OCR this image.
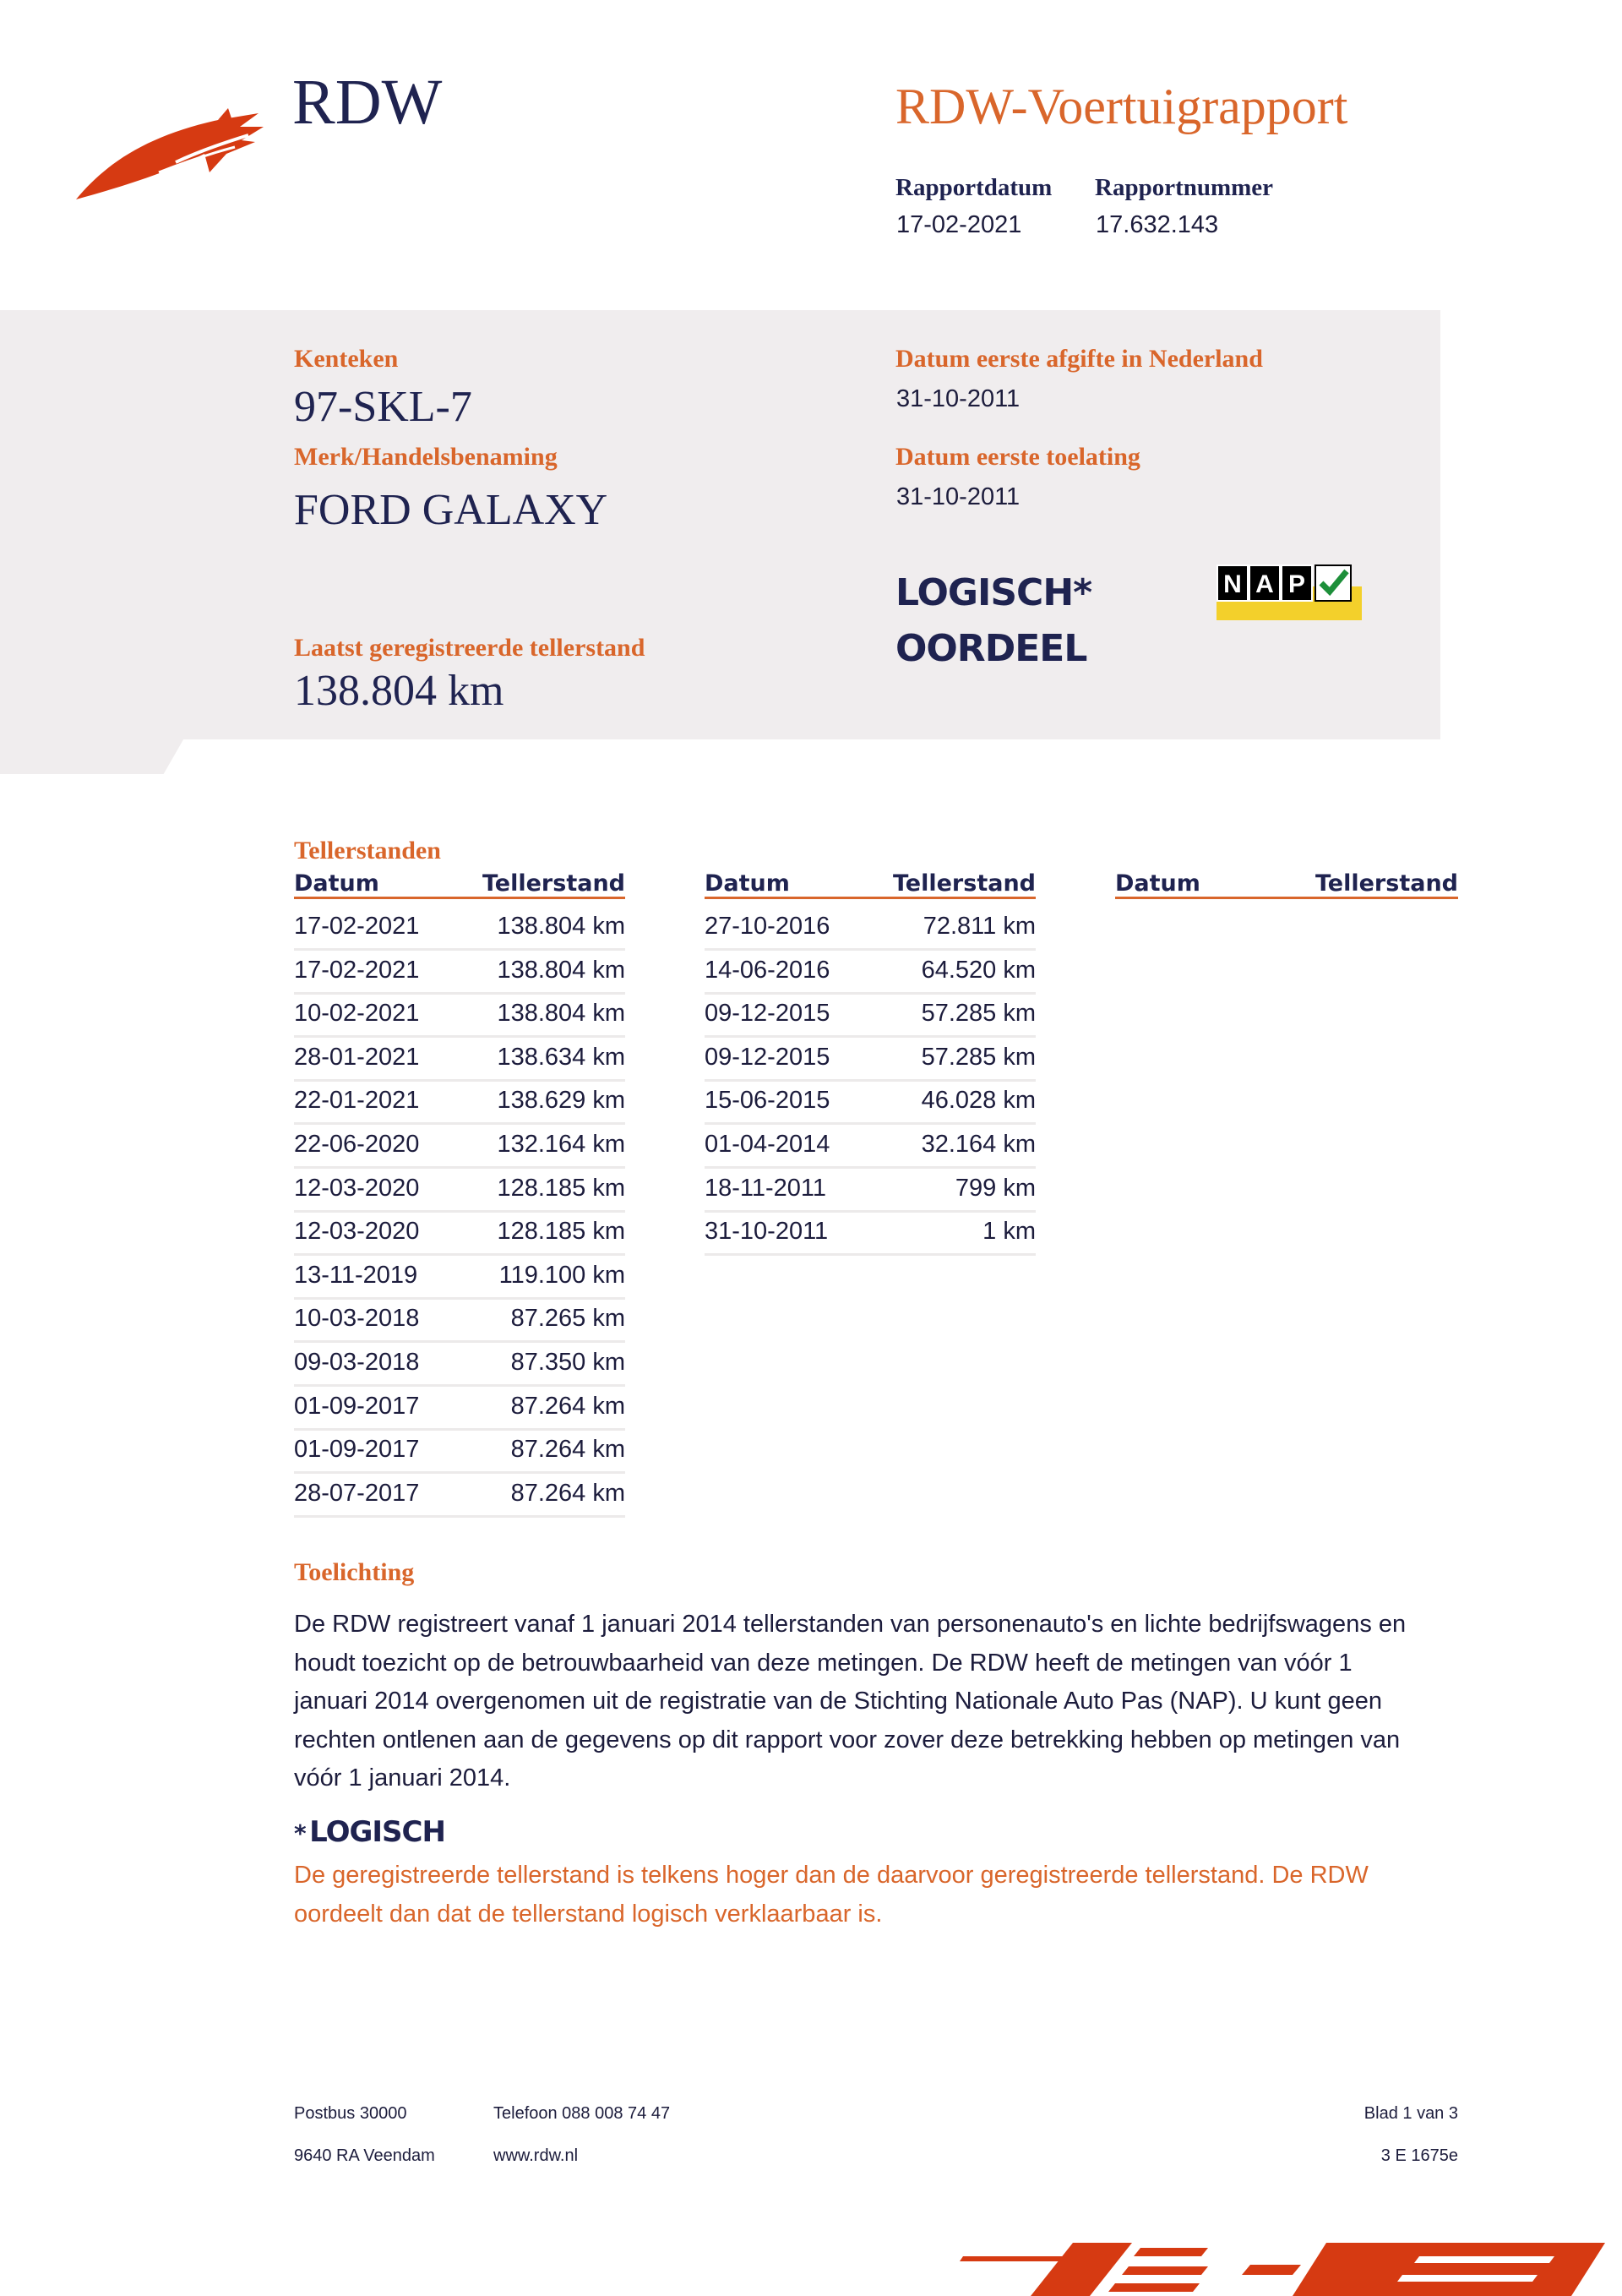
RDW	RDW-Voertuigrapport
Rapportdatum
17-02-2021
Rapportnummer
17.632.143
Kenteken
97-SKL-7
Merk/Handelsbenaming
FORD GALAXY
Laatst geregistreerde tellerstand
138.804 km
Datum eerste afgifte in Nederland
31-10-2011
Datum eerste toelating
31-10-2011
LOGISCH*
OORDEEL
N A P
Tellerstanden
Datum	Tellerstand
17-02-2021	138.804 km
17-02-2021	138.804 km
10-02-2021	138.804 km
28-01-2021	138.634 km
22-01-2021	138.629 km
22-06-2020	132.164 km
12-03-2020	128.185 km
12-03-2020	128.185 km
13-11-2019	119.100 km
10-03-2018	87.265 km
09-03-2018	87.350 km
01-09-2017	87.264 km
01-09-2017	87.264 km
28-07-2017	87.264 km
Datum	Tellerstand
27-10-2016	72.811 km
14-06-2016	64.520 km
09-12-2015	57.285 km
09-12-2015	57.285 km
15-06-2015	46.028 km
01-04-2014	32.164 km
18-11-2011	799 km
31-10-2011	1 km
Datum	Tellerstand
Toelichting
De RDW registreert vanaf 1 januari 2014 tellerstanden van personenauto's en lichte bedrijfswagens en houdt toezicht op de betrouwbaarheid van deze metingen. De RDW heeft de metingen van vóór 1 januari 2014 overgenomen uit de registratie van de Stichting Nationale Auto Pas (NAP). U kunt geen rechten ontlenen aan de gegevens op dit rapport voor zover deze betrekking hebben op metingen van vóór 1 januari 2014.
* LOGISCH
De geregistreerde tellerstand is telkens hoger dan de daarvoor geregistreerde tellerstand. De RDW oordeelt dan dat de tellerstand logisch verklaarbaar is.
Postbus 30000
9640 RA Veendam
Telefoon 088 008 74 47
www.rdw.nl
Blad 1 van 3
3 E 1675e
